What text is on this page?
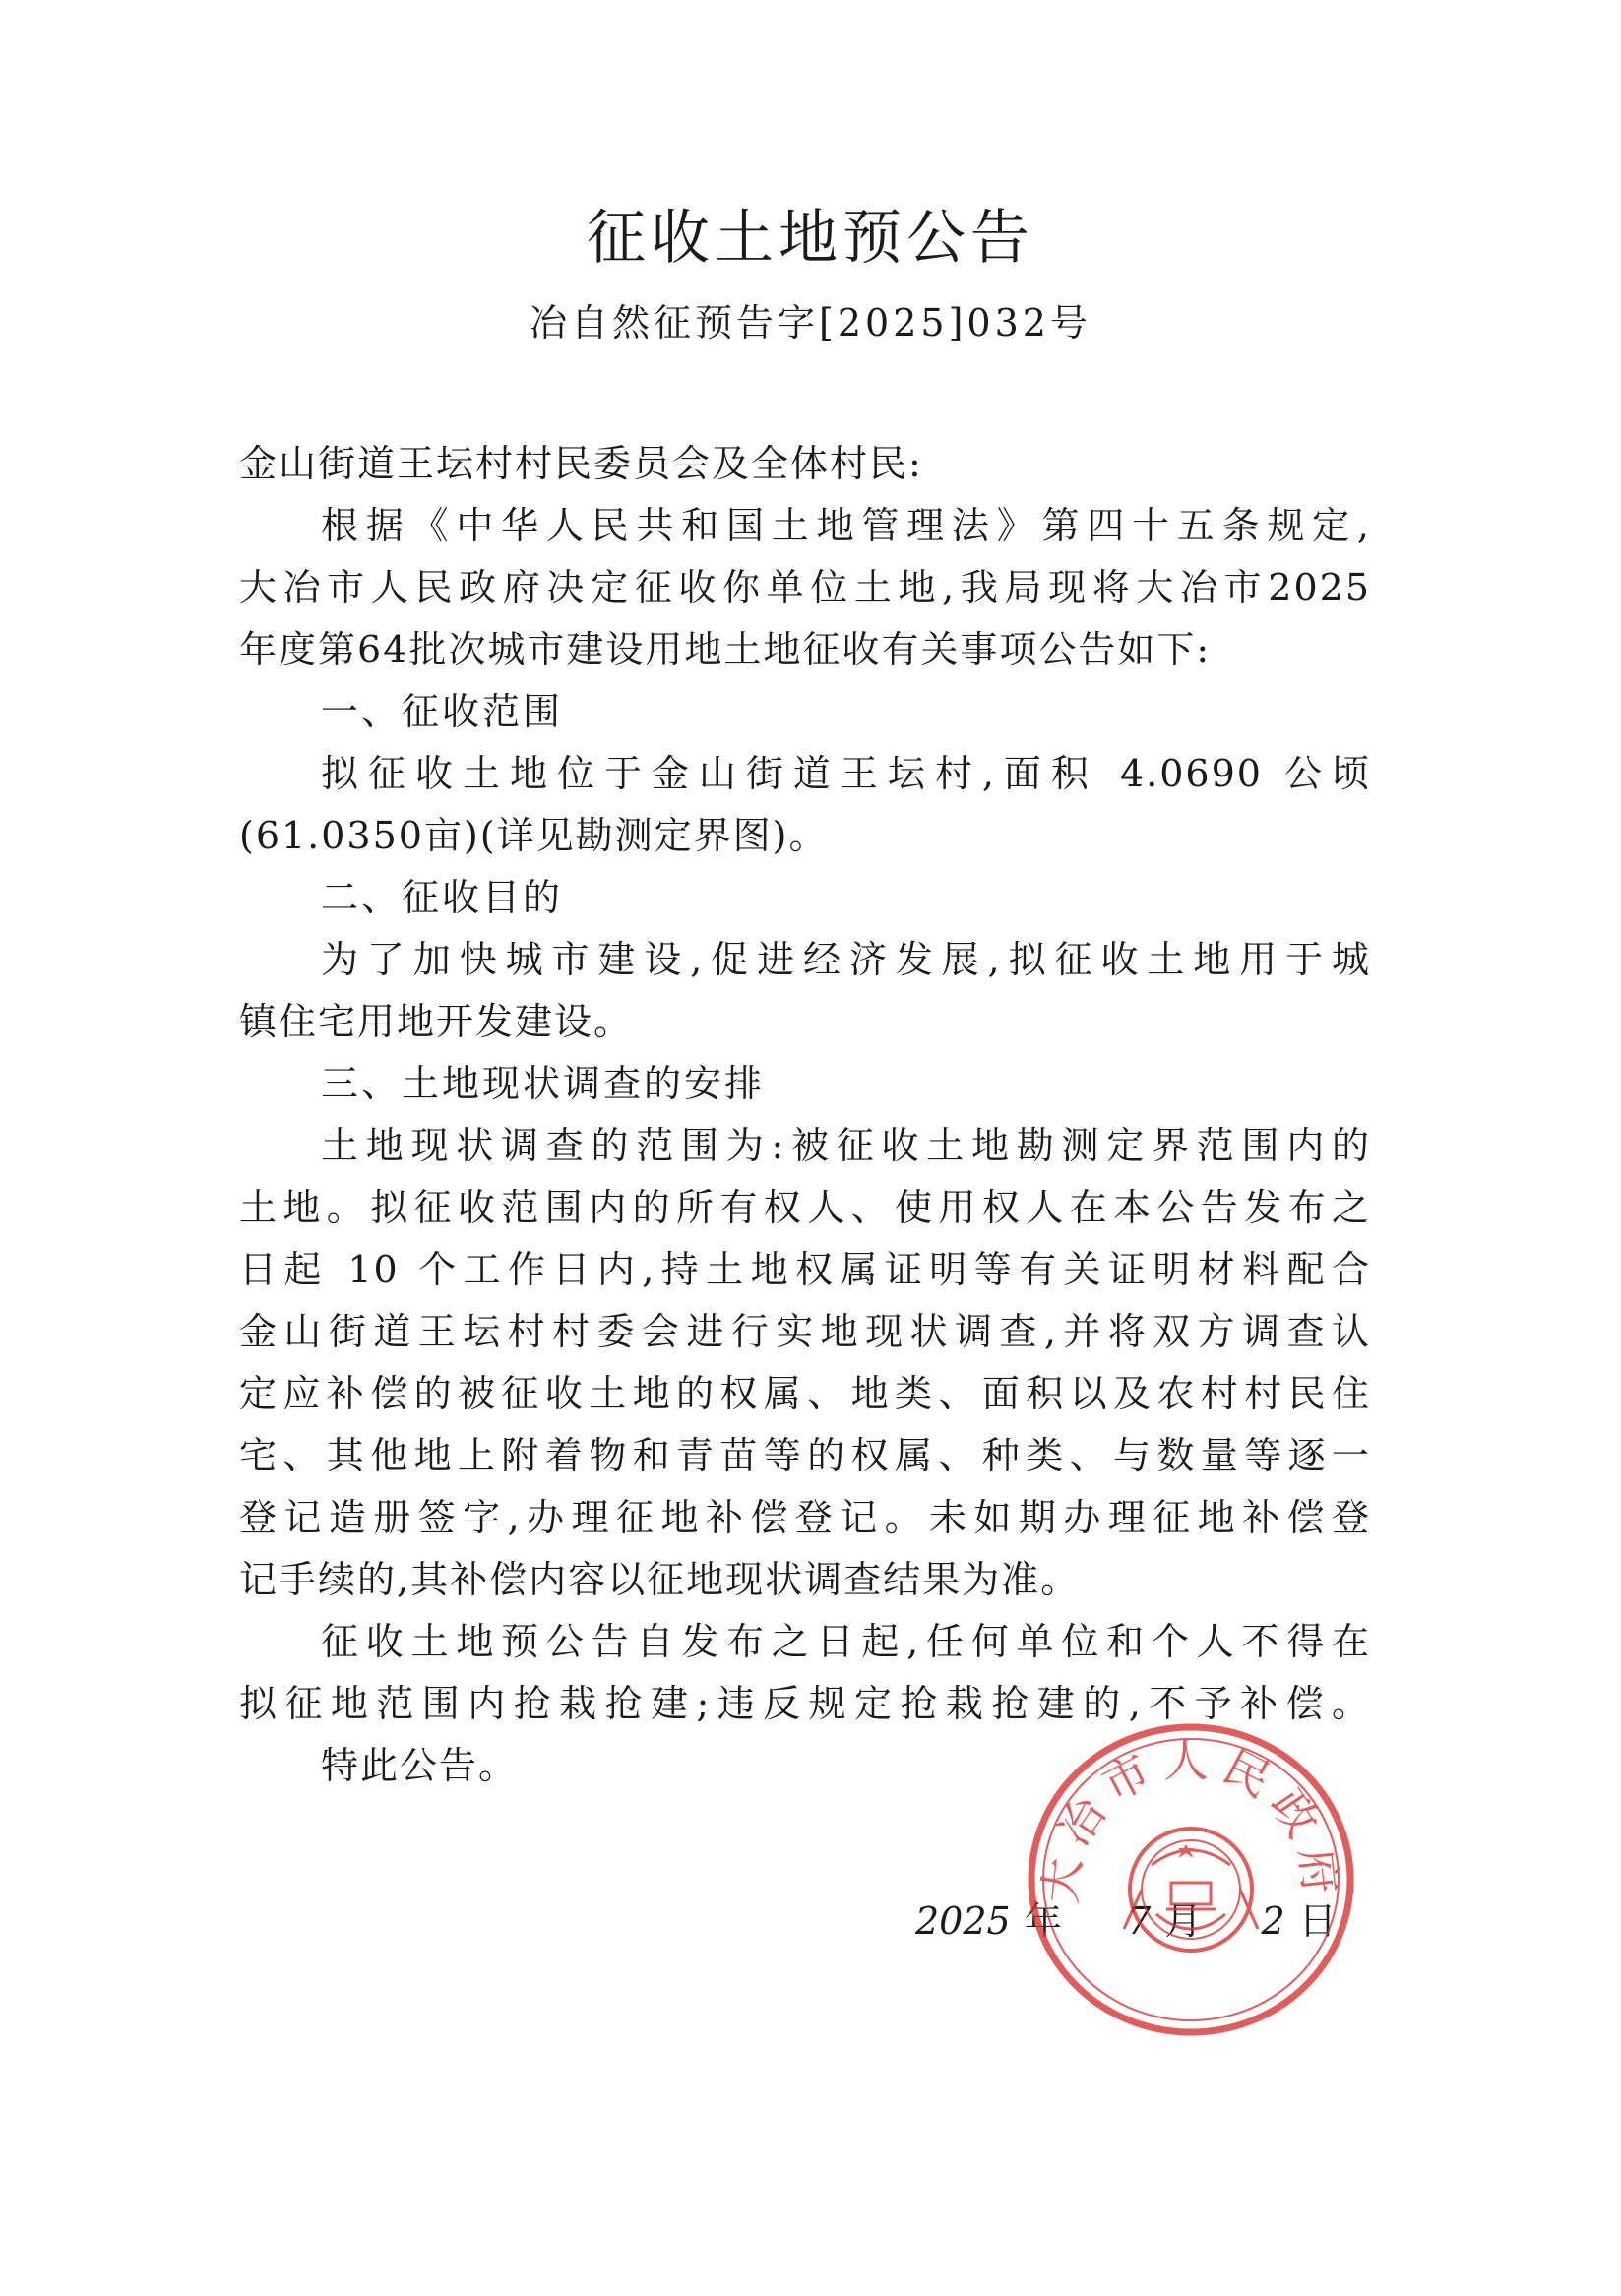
征收土地预公告
冶自然征预告字[2025]032号
金山街道王坛村村民委员会及全体村民:
根据《中华人民共和国土地管理法》第四十五条规定,
大冶市人民政府决定征收你单位土地,我局现将大冶市2025
年度第64批次城市建设用地土地征收有关事项公告如下:
一、征收范围
拟征收土地位于金山街道王坛村,面积 4.0690 公顷
(61.0350亩)(详见勘测定界图)。
二、征收目的
为了加快城市建设,促进经济发展,拟征收土地用于城
镇住宅用地开发建设。
三、土地现状调查的安排
土地现状调查的范围为:被征收土地勘测定界范围内的
土地。拟征收范围内的所有权人、使用权人在本公告发布之
日起 10 个工作日内,持土地权属证明等有关证明材料配合
金山街道王坛村村委会进行实地现状调查,并将双方调查认
定应补偿的被征收土地的权属、地类、面积以及农村村民住
宅、其他地上附着物和青苗等的权属、种类、与数量等逐一
登记造册签字,办理征地补偿登记。未如期办理征地补偿登
记手续的,其补偿内容以征地现状调查结果为准。
征收土地预公告自发布之日起,任何单位和个人不得在
拟征地范围内抢栽抢建;违反规定抢栽抢建的,不予补偿。
特此公告。
2025 年 7 月 2 日
大冶市人民政府
